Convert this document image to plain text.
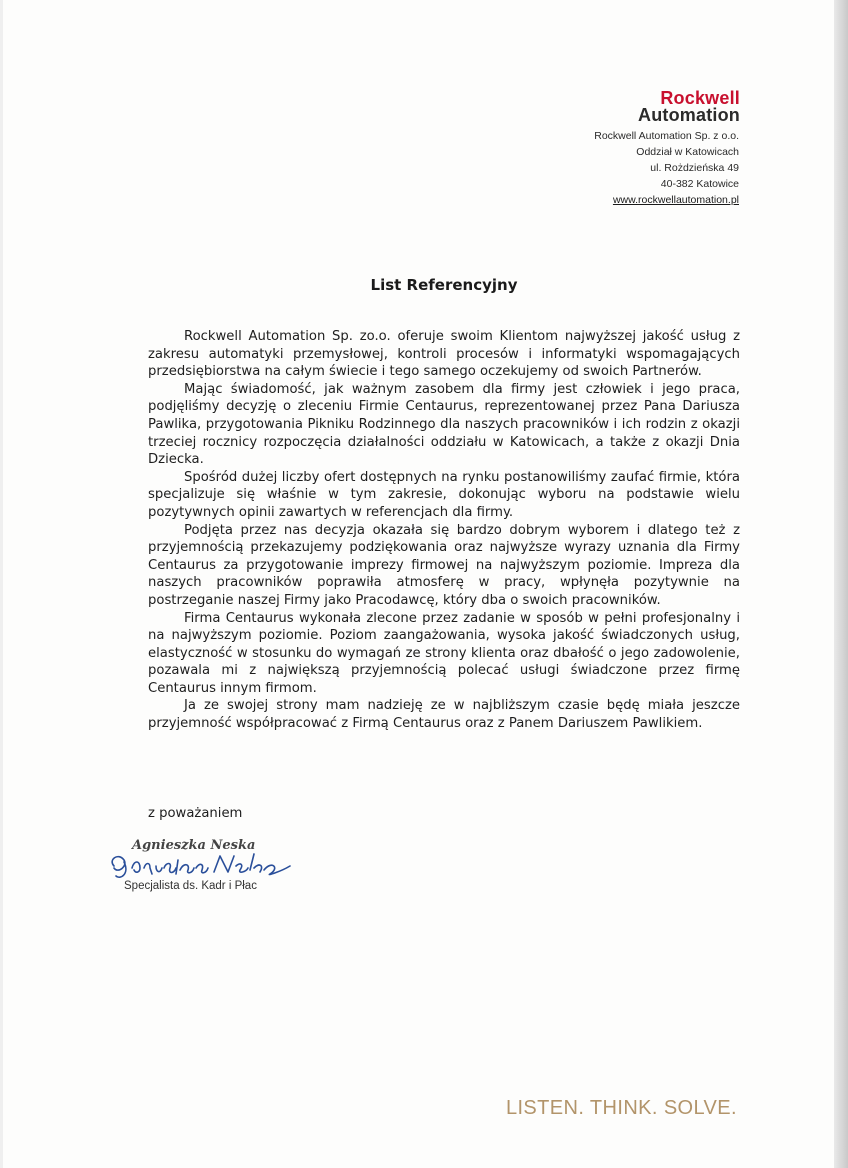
Rockwell
Automation
Rockwell Automation Sp. z o.o.
Oddział w Katowicach
ul. Rożdzieńska 49
40-382 Katowice
www.rockwellautomation.pl
List Referencyjny

Rockwell Automation Sp. zo.o. oferuje swoim Klientom najwyższej jakość usług z zakresu automatyki przemysłowej, kontroli procesów i informatyki wspomagających przedsiębiorstwa na całym świecie i tego samego oczekujemy od swoich Partnerów.

Mając świadomość, jak ważnym zasobem dla firmy jest człowiek i jego praca, podjęliśmy decyzję o zleceniu Firmie Centaurus, reprezentowanej przez Pana Dariusza Pawlika, przygotowania Pikniku Rodzinnego dla naszych pracowników i ich rodzin z okazji trzeciej rocznicy rozpoczęcia działalności oddziału w Katowicach, a także z okazji Dnia Dziecka.

Spośród dużej liczby ofert dostępnych na rynku postanowiliśmy zaufać firmie, która specjalizuje się właśnie w tym zakresie, dokonując wyboru na podstawie wielu pozytywnych opinii zawartych w referencjach dla firmy.

Podjęta przez nas decyzja okazała się bardzo dobrym wyborem i dlatego też z przyjemnością przekazujemy podziękowania oraz najwyższe wyrazy uznania dla Firmy Centaurus za przygotowanie imprezy firmowej na najwyższym poziomie. Impreza dla naszych pracowników poprawiła atmosferę w pracy, wpłynęła pozytywnie na postrzeganie naszej Firmy jako Pracodawcę, który dba o swoich pracowników.

Firma Centaurus wykonała zlecone przez zadanie w sposób w pełni profesjonalny i na najwyższym poziomie. Poziom zaangażowania, wysoka jakość świadczonych usług, elastyczność w stosunku do wymagań ze strony klienta oraz dbałość o jego zadowolenie, pozawala mi z największą przyjemnością polecać usługi świadczone przez firmę Centaurus innym firmom.

Ja ze swojej strony mam nadzieję ze w najbliższym czasie będę miała jeszcze przyjemność współpracować z Firmą Centaurus oraz z Panem Dariuszem Pawlikiem.

z poważaniem
Agnieszka Neska
Specjalista ds. Kadr i Płac
LISTEN. THINK. SOLVE.
